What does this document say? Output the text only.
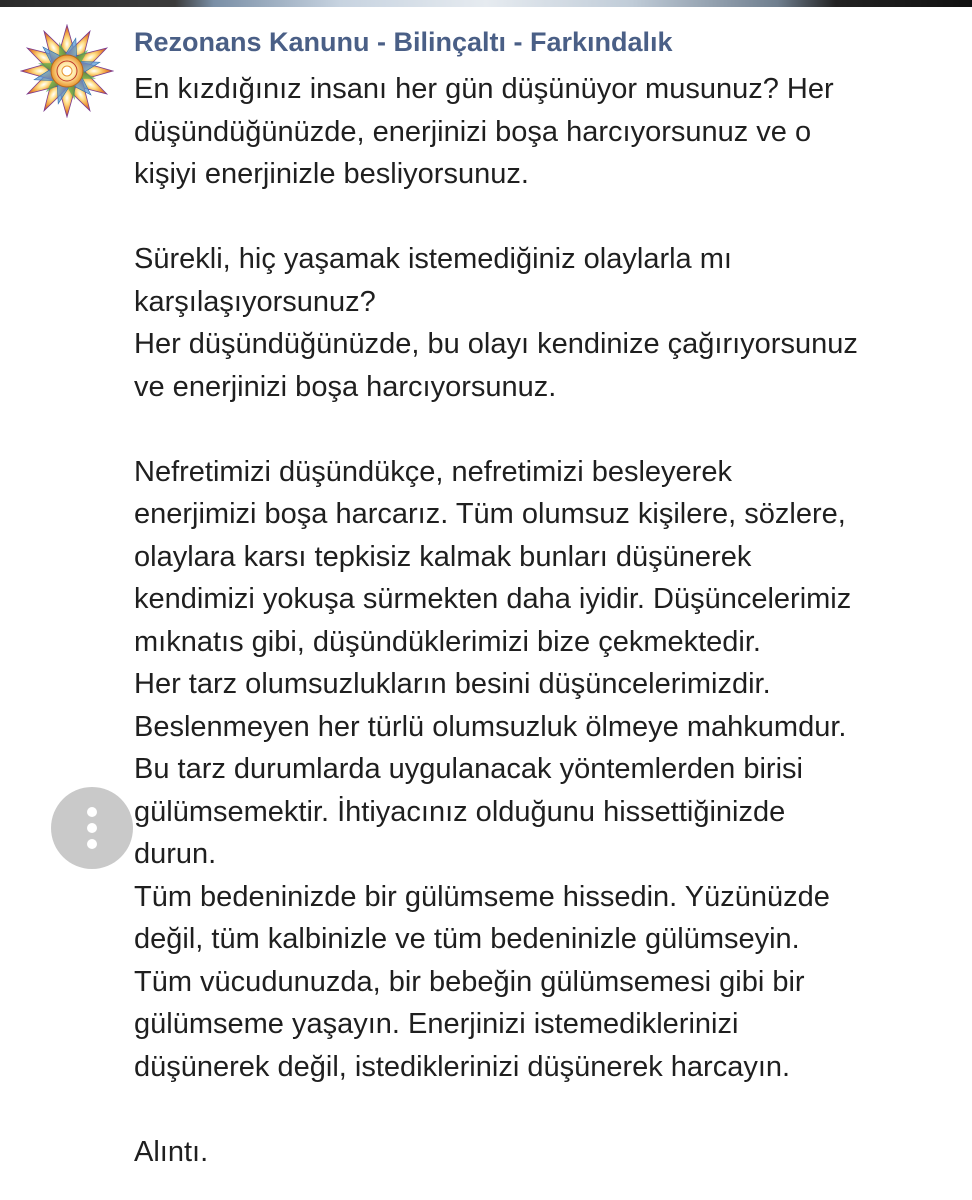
Rezonans Kanunu - Bilinçaltı - Farkındalık
En kızdığınız insanı her gün düşünüyor musunuz? Her
düşündüğünüzde, enerjinizi boşa harcıyorsunuz ve o
kişiyi enerjinizle besliyorsunuz.
Sürekli, hiç yaşamak istemediğiniz olaylarla mı
karşılaşıyorsunuz?
Her düşündüğünüzde, bu olayı kendinize çağırıyorsunuz
ve enerjinizi boşa harcıyorsunuz.
Nefretimizi düşündükçe, nefretimizi besleyerek
enerjimizi boşa harcarız. Tüm olumsuz kişilere, sözlere,
olaylara karsı tepkisiz kalmak bunları düşünerek
kendimizi yokuşa sürmekten daha iyidir. Düşüncelerimiz
mıknatıs gibi, düşündüklerimizi bize çekmektedir.
Her tarz olumsuzlukların besini düşüncelerimizdir.
Beslenmeyen her türlü olumsuzluk ölmeye mahkumdur.
Bu tarz durumlarda uygulanacak yöntemlerden birisi
gülümsemektir. İhtiyacınız olduğunu hissettiğinizde
durun.
Tüm bedeninizde bir gülümseme hissedin. Yüzünüzde
değil, tüm kalbinizle ve tüm bedeninizle gülümseyin.
Tüm vücudunuzda, bir bebeğin gülümsemesi gibi bir
gülümseme yaşayın. Enerjinizi istemediklerinizi
düşünerek değil, istediklerinizi düşünerek harcayın.
Alıntı.
